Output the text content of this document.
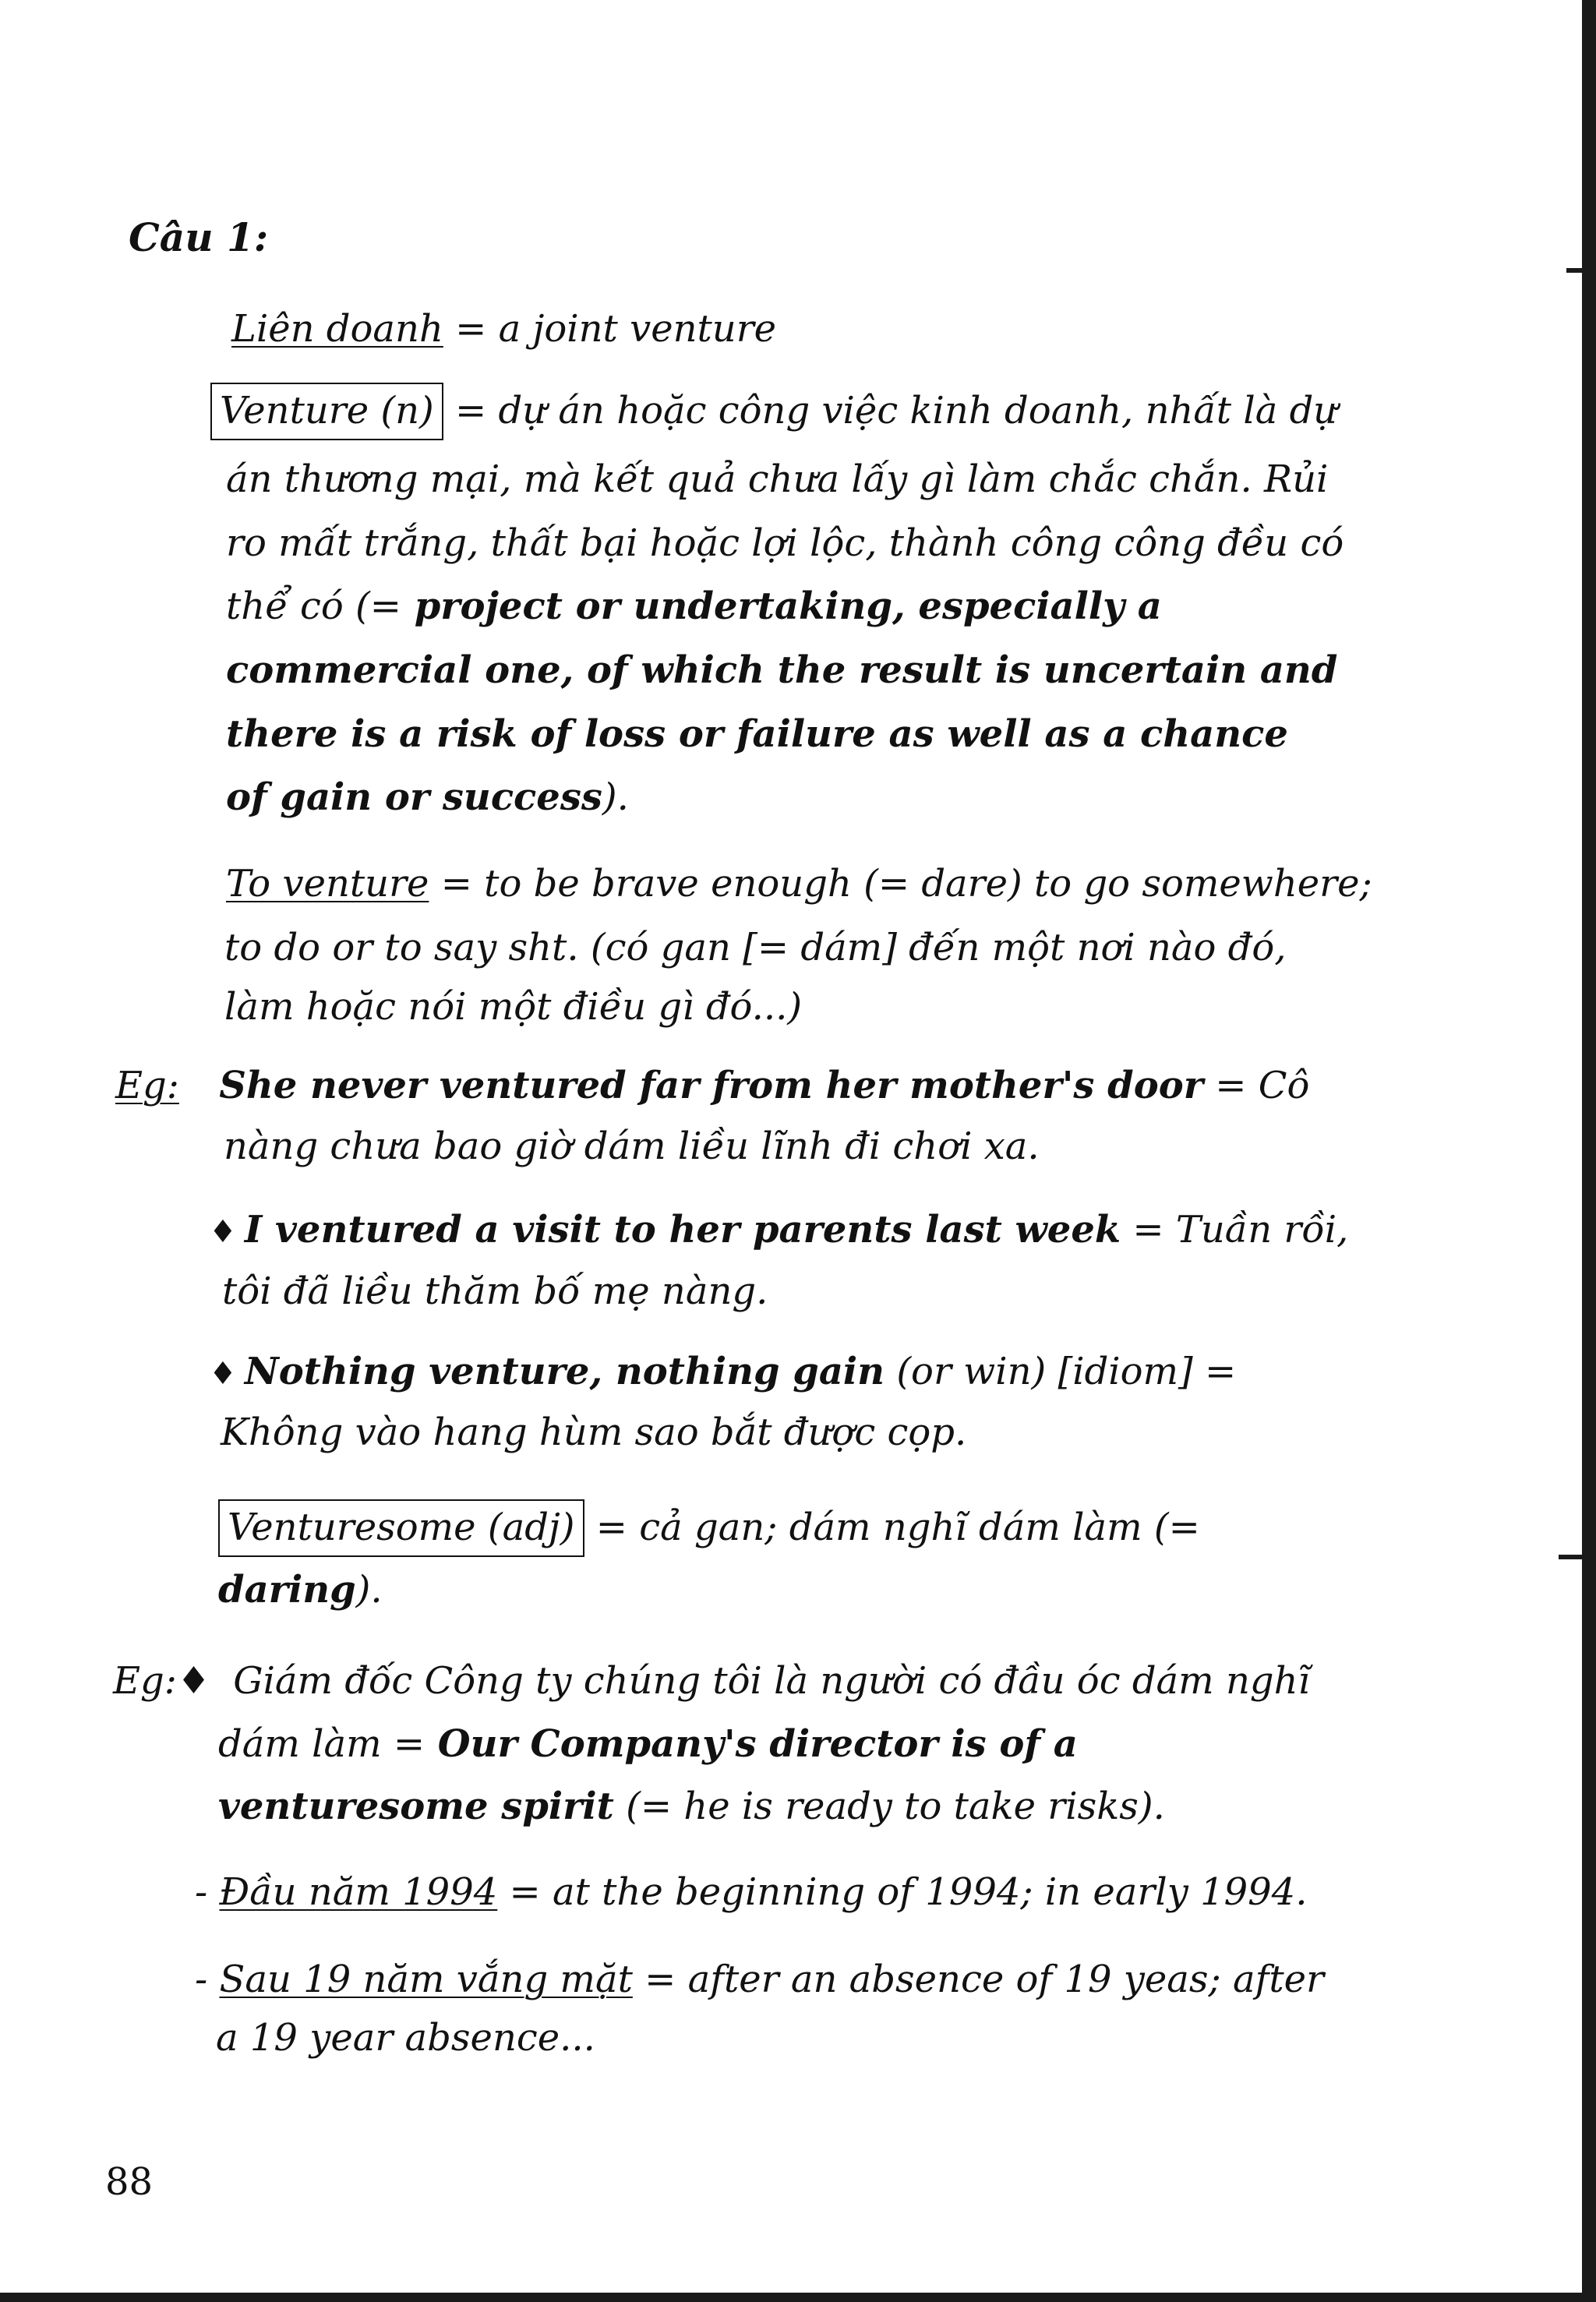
Câu 1:
Liên doanh = a joint venture
Venture (n) = dự án hoặc công việc kinh doanh, nhất là dự
án thương mại, mà kết quả chưa lấy gì làm chắc chắn. Rủi
ro mất trắng, thất bại hoặc lợi lộc, thành công công đều có
thể có (= project or undertaking, especially a
commercial one, of which the result is uncertain and
there is a risk of loss or failure as well as a chance
of gain or success).
To venture = to be brave enough (= dare) to go somewhere;
to do or to say sht. (có gan [= dám] đến một nơi nào đó,
làm hoặc nói một điều gì đó...)
Eg: She never ventured far from her mother's door = Cô
nàng chưa bao giờ dám liều lĩnh đi chơi xa.
♦ I ventured a visit to her parents last week = Tuần rồi,
tôi đã liều thăm bố mẹ nàng.
♦ Nothing venture, nothing gain (or win) [idiom] =
Không vào hang hùm sao bắt được cọp.
Venturesome (adj) = cả gan; dám nghĩ dám làm (=
daring).
Eg:♦ Giám đốc Công ty chúng tôi là người có đầu óc dám nghĩ
dám làm = Our Company's director is of a
venturesome spirit (= he is ready to take risks).
- Đầu năm 1994 = at the beginning of 1994; in early 1994.
- Sau 19 năm vắng mặt = after an absence of 19 yeas; after
a 19 year absence...
88
